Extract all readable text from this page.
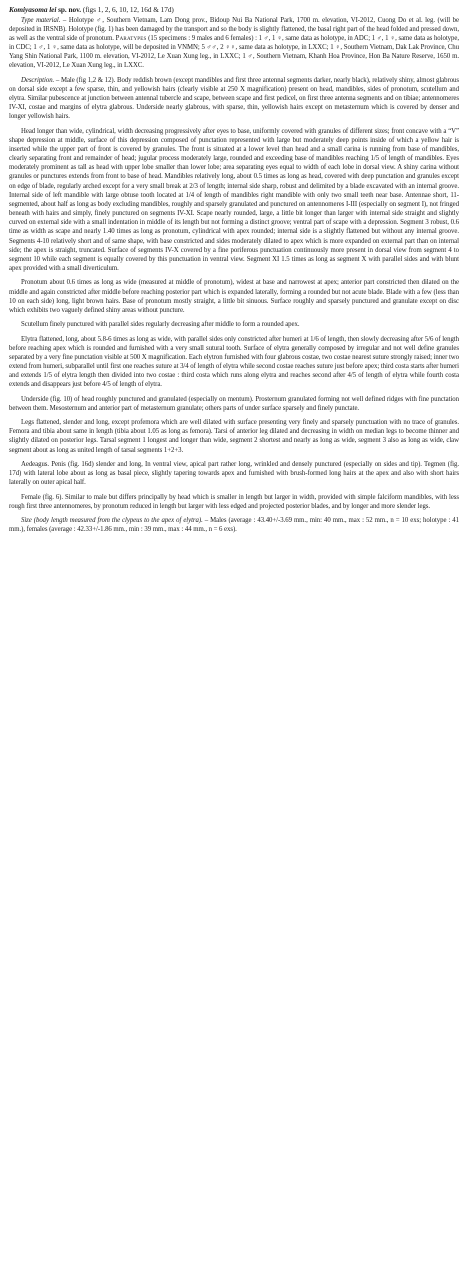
Komiyasoma lei sp. nov. (figs 1, 2, 6, 10, 12, 16d & 17d)

Type material. – Holotype ♂, Southern Vietnam, Lam Dong prov., Bidoup Nui Ba National Park, 1700 m. elevation, VI-2012, Cuong Do et al. leg. (will be deposited in IRSNB). Holotype (fig. 1) has been damaged by the transport and so the body is slightly flattened, the basal right part of the head folded and pressed down, as well as the ventral side of pronotum. Paratypes (15 specimens : 9 males and 6 females) : 1 ♂, 1 ♀, same data as holotype, in ADC; 1 ♂, 1 ♀, same data as holotype, in CDC; 1 ♂, 1 ♀, same data as holotype, will be deposited in VNMN; 5 ♂♂, 2 ♀♀, same data as holotype, in LXXC; 1 ♀, Southern Vietnam, Dak Lak Province, Chu Yang Shin National Park, 1100 m. elevation, VI-2012, Le Xuan Xung leg., in LXXC; 1 ♂, Southern Vietnam, Khanh Hoa Province, Hon Ba Nature Reserve, 1650 m. elevation, VI-2012, Le Xuan Xung leg., in LXXC.

Description. – Male (fig 1,2 & 12). Body reddish brown (except mandibles and first three antennal segments darker, nearly black), relatively shiny, almost glabrous on dorsal side except a few sparse, thin, and yellowish hairs (clearly visible at 250 X magnification) present on head, mandibles, sides of pronotum, scutellum and elytra. Similar pubescence at junction between antennal tubercle and scape, between scape and first pedicel, on first three antenna segments and on tibiae; antennomeres IV-XI, costae and margins of elytra glabrous. Underside nearly glabrous, with sparse, thin, yellowish hairs except on metasternum which is covered by denser and longer yellowish hairs.

Head longer than wide, cylindrical, width decreasing progressively after eyes to base, uniformly covered with granules of different sizes; front concave with a “V” shape depression at middle, surface of this depression composed of punctation represented with large but moderately deep points inside of which a yellow hair is inserted while the upper part of front is covered by granules. The front is situated at a lower level than head and a small carina is running from base of mandibles, clearly separating front and remainder of head; jugular process moderately large, rounded and exceeding base of mandibles reaching 1/5 of length of mandibles. Eyes moderately prominent as tall as head with upper lobe smaller than lower lobe; area separating eyes equal to width of each lobe in dorsal view. A shiny carina without granules or punctures extends from front to base of head. Mandibles relatively long, about 0.5 times as long as head, covered with deep punctation and granules except on edge of blade, regularly arched except for a very small break at 2/3 of length; internal side sharp, robust and delimited by a blade excavated with an internal groove. Internal side of left mandible with large obtuse tooth located at 1/4 of length of mandibles right mandible with only two small teeth near base. Antennae short, 11-segmented, about half as long as body excluding mandibles, roughly and sparsely granulated and punctured on antennomeres I-III (especially on segment I), not fringed beneath with hairs and simply, finely punctured on segments IV-XI. Scape nearly rounded, large, a little bit longer than larger with internal side straight and slightly curved on external side with a small indentation in middle of its length but not forming a distinct groove; ventral part of scape with a depression. Segment 3 robust, 0.6 time as width as scape and nearly 1.40 times as long as pronotum, cylindrical with apex rounded; internal side is a slightly flattened but without any internal groove. Segments 4-10 relatively short and of same shape, with base constricted and sides moderately dilated to apex which is more expanded on external part than on internal side; the apex is straight, truncated. Surface of segments IV-X covered by a fine poriferous punctuation continuously more present in dorsal view from segment 4 to segment 10 while each segment is equally covered by this punctuation in ventral view. Segment XI 1.5 times as long as segment X with parallel sides and with blunt apex provided with a small diverticulum.

Pronotum about 0.6 times as long as wide (measured at middle of pronotum), widest at base and narrowest at apex; anterior part constricted then dilated on the middle and again constricted after middle before reaching posterior part which is expanded laterally, forming a rounded but not acute blade. Blade with a few (less than 10 on each side) long, light brown hairs. Base of pronotum mostly straight, a little bit sinuous. Surface roughly and sparsely punctured and granulate except on disc which exhibits two vaguely defined shiny areas without puncture.

Scutellum finely punctured with parallel sides regularly decreasing after middle to form a rounded apex.

Elytra flattened, long, about 5.8-6 times as long as wide, with parallel sides only constricted after humeri at 1/6 of length, then slowly decreasing after 5/6 of length before reaching apex which is rounded and furnished with a very small sutural tooth. Surface of elytra generally composed by irregular and not well define granules separated by a very fine punctation visible at 500 X magnification. Each elytron furnished with four glabrous costae, two costae nearest suture strongly raised; inner two extend from humeri, subparallel until first one reaches suture at 3/4 of length of elytra while second costae reaches suture just before apex; third costa starts after humeri and extends 1/5 of elytra length then divided into two costae : third costa which runs along elytra and reaches second after 4/5 of length of elytra while fourth costa extends and disappears just before 4/5 of length of elytra.

Underside (fig. 10) of head roughly punctured and granulated (especially on mentum). Prosternum granulated forming not well defined ridges with fine punctation between them. Mesosternum and anterior part of metasternum granulate; others parts of under surface sparsely and finely punctate.

Legs flattened, slender and long, except profemora which are well dilated with surface presenting very finely and sparsely punctuation with no trace of granules. Femora and tibia about same in length (tibia about 1.05 as long as femora). Tarsi of anterior leg dilated and decreasing in width on median legs to become thinner and slightly dilated on posterior legs. Tarsal segment 1 longest and longer than wide, segment 2 shortest and nearly as long as wide, segment 3 also as long as wide, claw segment about as long as united length of tarsal segments 1+2+3.

Aedeagus. Penis (fig. 16d) slender and long, In ventral view, apical part rather long, wrinkled and densely punctured (especially on sides and tip). Tegmen (fig. 17d) with lateral lobe about as long as basal piece, slightly tapering towards apex and furnished with brush-formed long hairs at the apex and also with short hairs laterally on outer apical half.

Female (fig. 6). Similar to male but differs principally by head which is smaller in length but larger in width, provided with simple falciform mandibles, with less rough first three antennomeres, by pronotum reduced in length but larger with less edged and projected posterior blades, and by longer and more slender legs.

Size (body length measured from the clypeus to the apex of elytra). – Males (average : 43.40+/-3.69 mm., min: 40 mm., max : 52 mm., n = 10 exs; holotype : 41 mm.), females (average : 42.33+/-1.86 mm., min : 39 mm., max : 44 mm., n = 6 exs).
